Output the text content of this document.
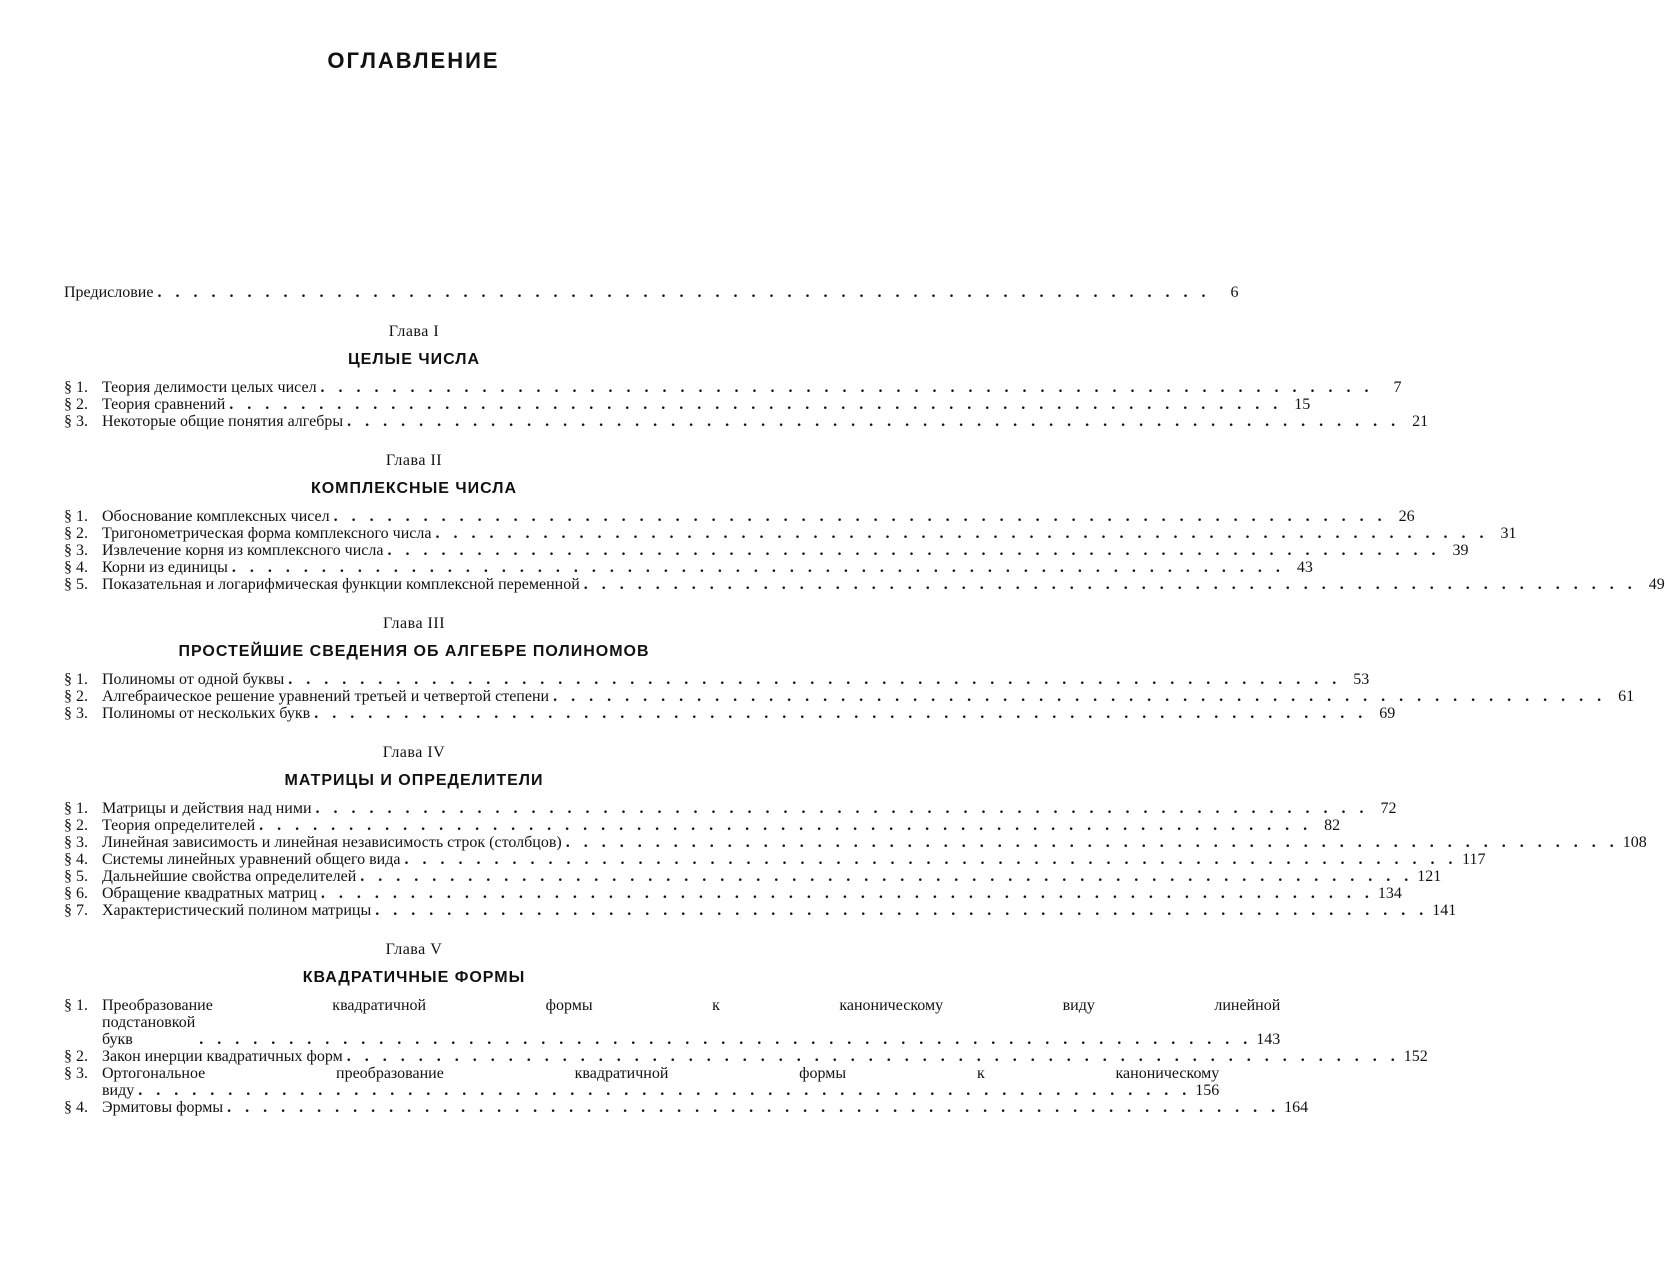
ОГЛАВЛЕНИЕ
Предисловие . . . . . . . . . . . . . . . . . . . . . . . . . . . . . . . . . . . . . . . . . . . . . . . . . . . . . . . . . . .	6
Глава I
ЦЕЛЫЕ ЧИСЛА
§ 1. Теория делимости целых чисел . . . . . . . . . . . . . . . . . . . . . . . . . . . . . . . . . . . . . . . . . . . . . . . . . . . . . . . . . . .	7
§ 2. Теория сравнений . . . . . . . . . . . . . . . . . . . . . . . . . . . . . . . . . . . . . . . . . . . . . . . . . . . . . . . . . . . 15
§ 3. Некоторые общие понятия алгебры . . . . . . . . . . . . . . . . . . . . . . . . . . . . . . . . . . . . . . . . . . . . . . . . . . . . . . . . . . . 21
Глава II
КОМПЛЕКСНЫЕ ЧИСЛА
§ 1. Обоснование комплексных чисел . . . . . . . . . . . . . . . . . . . . . . . . . . . . . . . . . . . . . . . . . . . . . . . . . . . . . . . . . . . 26
§ 2. Тригонометрическая форма комплексного числа . . . . . . . . . . . . . . . . . . . . . . . . . . . . . . . . . . . . . . . . . . . . . . . . . . . . . . . . . . . 31
§ 3. Извлечение корня из комплексного числа . . . . . . . . . . . . . . . . . . . . . . . . . . . . . . . . . . . . . . . . . . . . . . . . . . . . . . . . . . . 39
§ 4. Корни из единицы . . . . . . . . . . . . . . . . . . . . . . . . . . . . . . . . . . . . . . . . . . . . . . . . . . . . . . . . . . . 43
§ 5. Показательная и логарифмическая функции комплексной переменной . . . . . . . . . . . . . . . . . . . . . . . . . . . . . . . . . . . . . . . . . . . . . . . . . . . . . . . . . . . 49
Глава III
ПРОСТЕЙШИЕ СВЕДЕНИЯ ОБ АЛГЕБРЕ ПОЛИНОМОВ
§ 1. Полиномы от одной буквы . . . . . . . . . . . . . . . . . . . . . . . . . . . . . . . . . . . . . . . . . . . . . . . . . . . . . . . . . . . 53
§ 2. Алгебраическое решение уравнений третьей и четвертой степени . . . . . . . . . . . . . . . . . . . . . . . . . . . . . . . . . . . . . . . . . . . . . . . . . . . . . . . . . . . 61
§ 3. Полиномы от нескольких букв . . . . . . . . . . . . . . . . . . . . . . . . . . . . . . . . . . . . . . . . . . . . . . . . . . . . . . . . . . . 69
Глава IV
МАТРИЦЫ И ОПРЕДЕЛИТЕЛИ
§ 1. Матрицы и действия над ними . . . . . . . . . . . . . . . . . . . . . . . . . . . . . . . . . . . . . . . . . . . . . . . . . . . . . . . . . . . 72
§ 2. Теория определителей . . . . . . . . . . . . . . . . . . . . . . . . . . . . . . . . . . . . . . . . . . . . . . . . . . . . . . . . . . . 82
§ 3. Линейная зависимость и линейная независимость строк (столбцов) . . . . . . . . . . . . . . . . . . . . . . . . . . . . . . . . . . . . . . . . . . . . . . . . . . . . . . . . . . . 108
§ 4. Системы линейных уравнений общего вида . . . . . . . . . . . . . . . . . . . . . . . . . . . . . . . . . . . . . . . . . . . . . . . . . . . . . . . . . . . 117
§ 5. Дальнейшие свойства определителей . . . . . . . . . . . . . . . . . . . . . . . . . . . . . . . . . . . . . . . . . . . . . . . . . . . . . . . . . . . 121
§ 6. Обращение квадратных матриц . . . . . . . . . . . . . . . . . . . . . . . . . . . . . . . . . . . . . . . . . . . . . . . . . . . . . . . . . . . 134
§ 7. Характеристический полином матрицы . . . . . . . . . . . . . . . . . . . . . . . . . . . . . . . . . . . . . . . . . . . . . . . . . . . . . . . . . . . 141
Глава V
КВАДРАТИЧНЫЕ ФОРМЫ
§ 1. Преобразование квадратичной формы к каноническому виду линейной
подстановкой букв	. . . . . . . . . . . . . . . . . . . . . . . . . . . . . . . . . . . . . . . . . . . . . . . . . . . . . . . . . . . 143
§ 2. Закон инерции квадратичных форм . . . . . . . . . . . . . . . . . . . . . . . . . . . . . . . . . . . . . . . . . . . . . . . . . . . . . . . . . . . 152
§ 3. Ортогональное преобразование квадратичной формы к каноническому
виду . . . . . . . . . . . . . . . . . . . . . . . . . . . . . . . . . . . . . . . . . . . . . . . . . . . . . . . . . . . 156
§ 4. Эрмитовы формы . . . . . . . . . . . . . . . . . . . . . . . . . . . . . . . . . . . . . . . . . . . . . . . . . . . . . . . . . . . 164
